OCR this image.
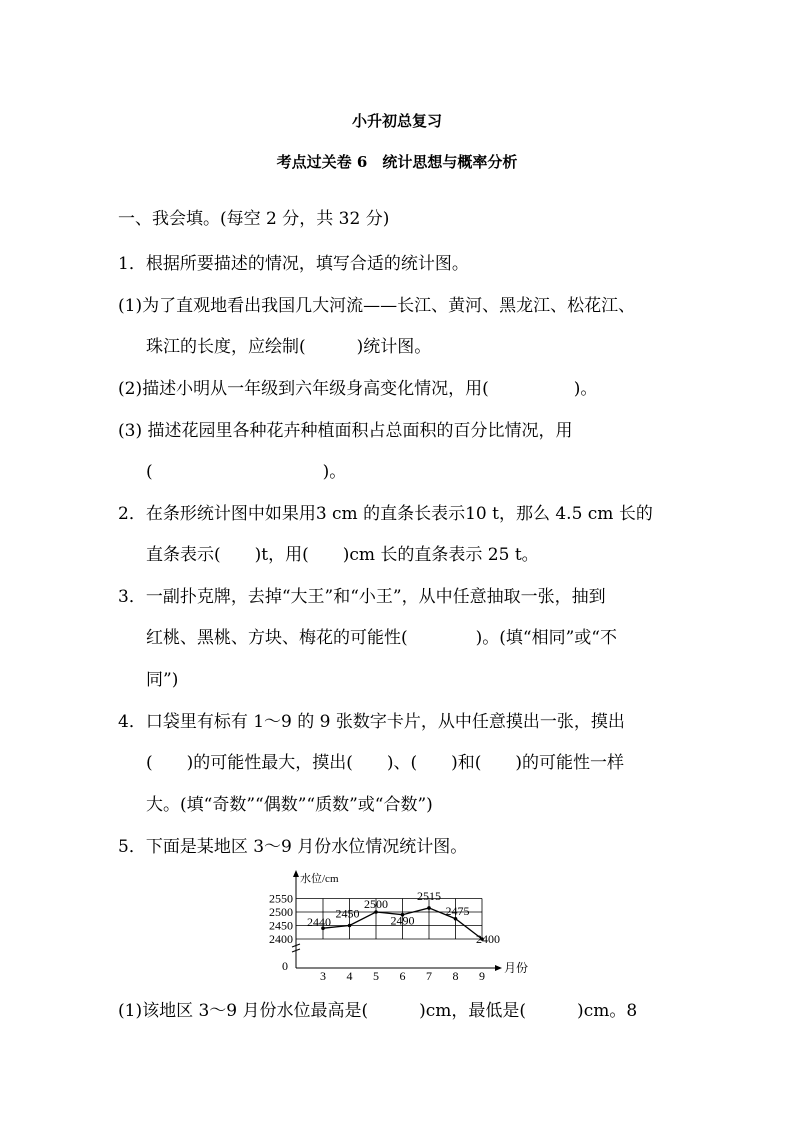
小升初总复习
考点过关卷 6　统计思想与概率分析
一、我会填。(每空 2 分，共 32 分)
1．根据所要描述的情况，填写合适的统计图。
(1)为了直观地看出我国几大河流——长江、黄河、黑龙江、松花江、
珠江的长度，应绘制(　　　)统计图。
(2)描述小明从一年级到六年级身高变化情况，用(　　　　　)。
(3) 描述花园里各种花卉种植面积占总面积的百分比情况，用
(　　　　　　　　　　)。
2．在条形统计图中如果用3 cm 的直条长表示10 t，那么 4.5 cm 长的
直条表示(　　)t，用(　　)cm 长的直条表示 25 t。
3．一副扑克牌，去掉“大王”和“小王”，从中任意抽取一张，抽到
红桃、黑桃、方块、梅花的可能性(　　　　)。(填“相同”或“不
同”)
4．口袋里有标有 1～9 的 9 张数字卡片，从中任意摸出一张，摸出
(　　)的可能性最大，摸出(　　)、(　　)和(　　)的可能性一样
大。(填“奇数”“偶数”“质数”或“合数”)
5．下面是某地区 3～9 月份水位情况统计图。
2400
2450
2500
2550
0
水位/cm
月份
3 4 5 6 7 8 9
2440
2450
2500
2490
2515
2475
2400
(1)该地区 3～9 月份水位最高是(　　　)cm，最低是(　　　)cm。8
